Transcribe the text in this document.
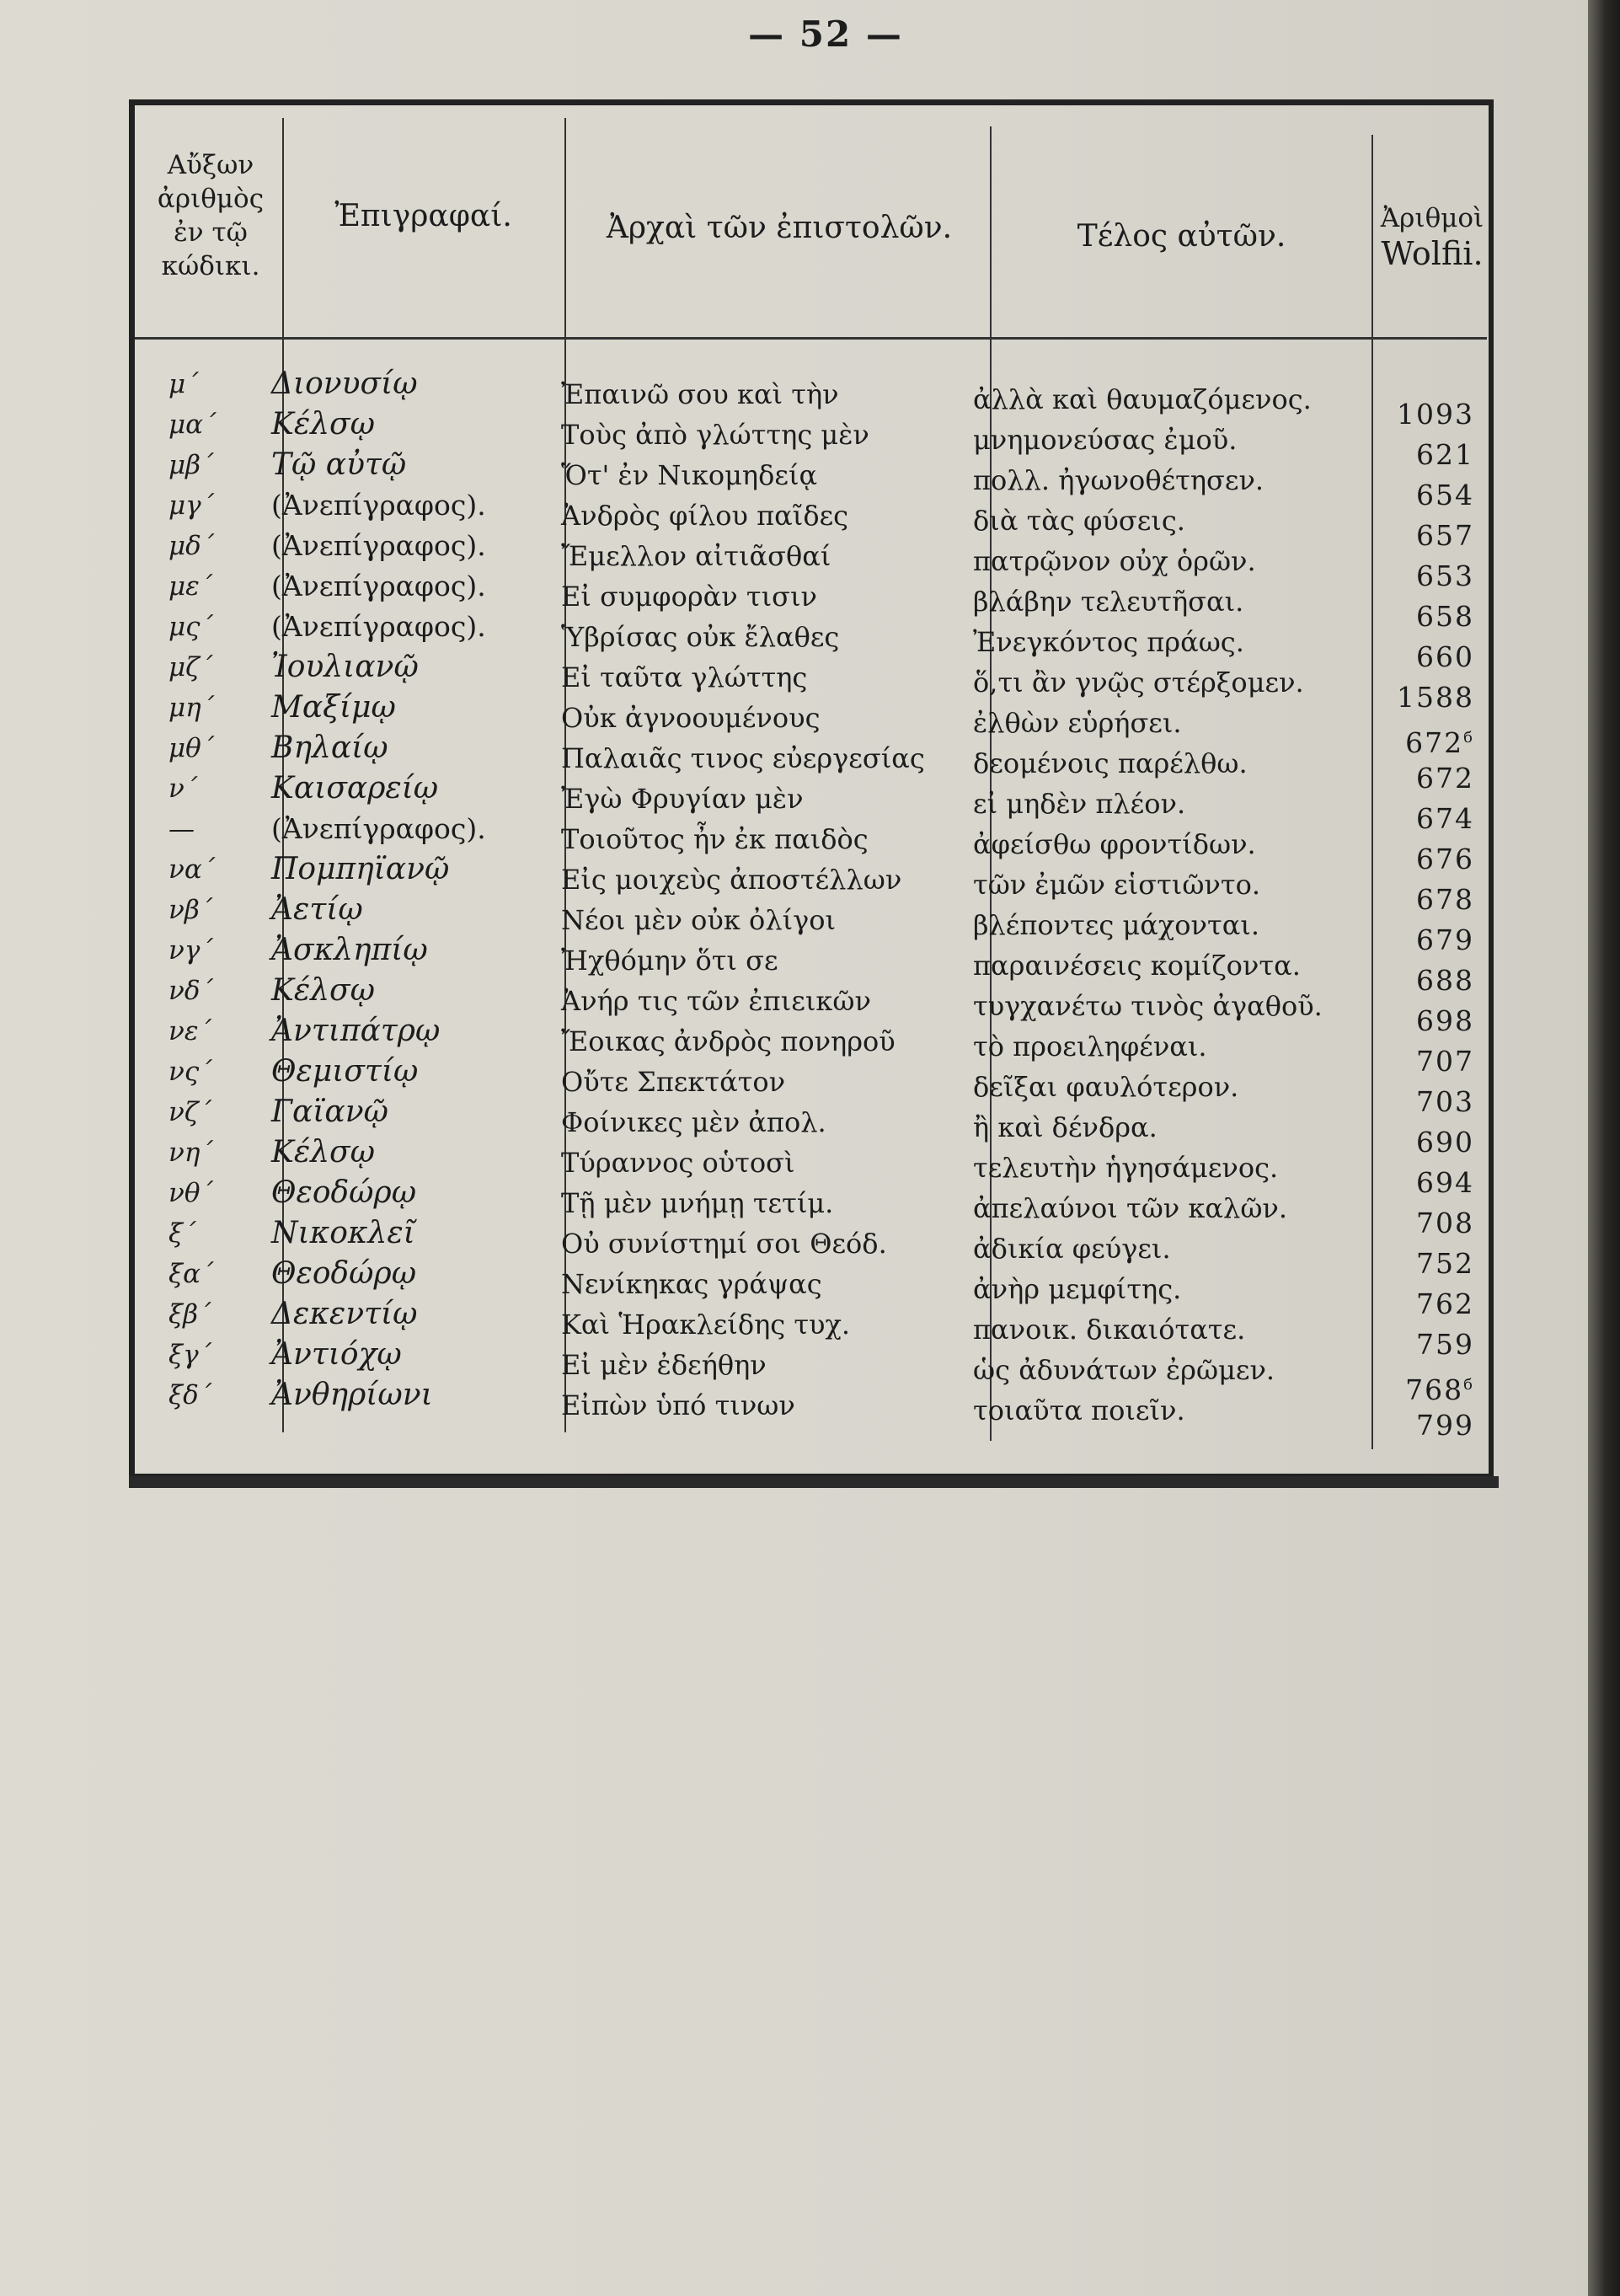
— 52 —
Αὔξων
ἀριθμὸς
ἐν τῷ
κώδικι.
Ἐπιγραφαί.	Ἀρχαὶ τῶν ἐπιστολῶν.	Τέλος αὐτῶν.
Ἀριθμοὶ
Wolfii.
μ΄
μα΄
μβ΄
μγ΄
μδ΄
με΄
μς΄
μζ΄
μη΄
μθ΄
ν΄
—
να΄
νβ΄
νγ΄
νδ΄
νε΄
νς΄
νζ΄
νη΄
νθ΄
ξ΄
ξα΄
ξβ΄
ξγ΄
ξδ΄
Διονυσίῳ
Κέλσῳ
Τῷ αὐτῷ
(Ἀνεπίγραφος).
(Ἀνεπίγραφος).
(Ἀνεπίγραφος).
(Ἀνεπίγραφος).
Ἰουλιανῷ
Μαξίμῳ
Βηλαίῳ
Καισαρείῳ
(Ἀνεπίγραφος).
Πομπηϊανῷ
Ἀετίῳ
Ἀσκληπίῳ
Κέλσῳ
Ἀντιπάτρῳ
Θεμιστίῳ
Γαϊανῷ
Κέλσῳ
Θεοδώρῳ
Νικοκλεῖ
Θεοδώρῳ
Δεκεντίῳ
Ἀντιόχῳ
Ἀνθηρίωνι
Ἐπαινῶ σου καὶ τὴν
Τοὺς ἀπὸ γλώττης μὲν
Ὅτ' ἐν Νικομηδείᾳ
Ἀνδρὸς φίλου παῖδες
Ἔμελλον αἰτιᾶσθαί
Εἰ συμφορὰν τισιν
Ὑβρίσας οὐκ ἔλαθες
Εἰ ταῦτα γλώττης
Οὐκ ἀγνοουμένους
Παλαιᾶς τινος εὐεργεσίας
Ἐγὼ Φρυγίαν μὲν
Τοιοῦτος ἦν ἐκ παιδὸς
Εἰς μοιχεὺς ἀποστέλλων
Νέοι μὲν οὐκ ὀλίγοι
Ἠχθόμην ὅτι σε
Ἀνήρ τις τῶν ἐπιεικῶν
Ἔοικας ἀνδρὸς πονηροῦ
Οὔτε Σπεκτάτον
Φοίνικες μὲν ἀπολ.
Τύραννος οὑτοσὶ
Τῇ μὲν μνήμῃ τετίμ.
Οὐ συνίστημί σοι Θεόδ.
Νενίκηκας γράψας
Καὶ Ἡρακλείδης τυχ.
Εἰ μὲν ἐδεήθην
Εἰπὼν ὑπό τινων
ἀλλὰ καὶ θαυμαζόμενος.
μνημονεύσας ἐμοῦ.
πολλ. ἠγωνοθέτησεν.
διὰ τὰς φύσεις.
πατρῷνον οὐχ ὁρῶν.
βλάβην τελευτῆσαι.
Ἐνεγκόντος πράως.
ὅ,τι ἂν γνῷς στέρξομεν.
ἐλθὼν εὑρήσει.
δεομένοις παρέλθω.
εἰ μηδὲν πλέον.
ἀφείσθω φροντίδων.
τῶν ἐμῶν εἱστιῶντο.
βλέποντες μάχονται.
παραινέσεις κομίζοντα.
τυγχανέτω τινὸς ἀγαθοῦ.
τὸ προειληφέναι.
δεῖξαι φαυλότερον.
ἢ καὶ δένδρα.
τελευτὴν ἡγησάμενος.
ἀπελαύνοι τῶν καλῶν.
ἀδικία φεύγει.
ἀνὴρ μεμφίτης.
πανοικ. δικαιότατε.
ὡς ἀδυνάτων ἐρῶμεν.
τοιαῦτα ποιεῖν.
1093
621
654
657
653
658
660
1588
$672^б$
672
674
676
678
679
688
698
707
703
690
694
708
752
762
759
$768^б$
799
